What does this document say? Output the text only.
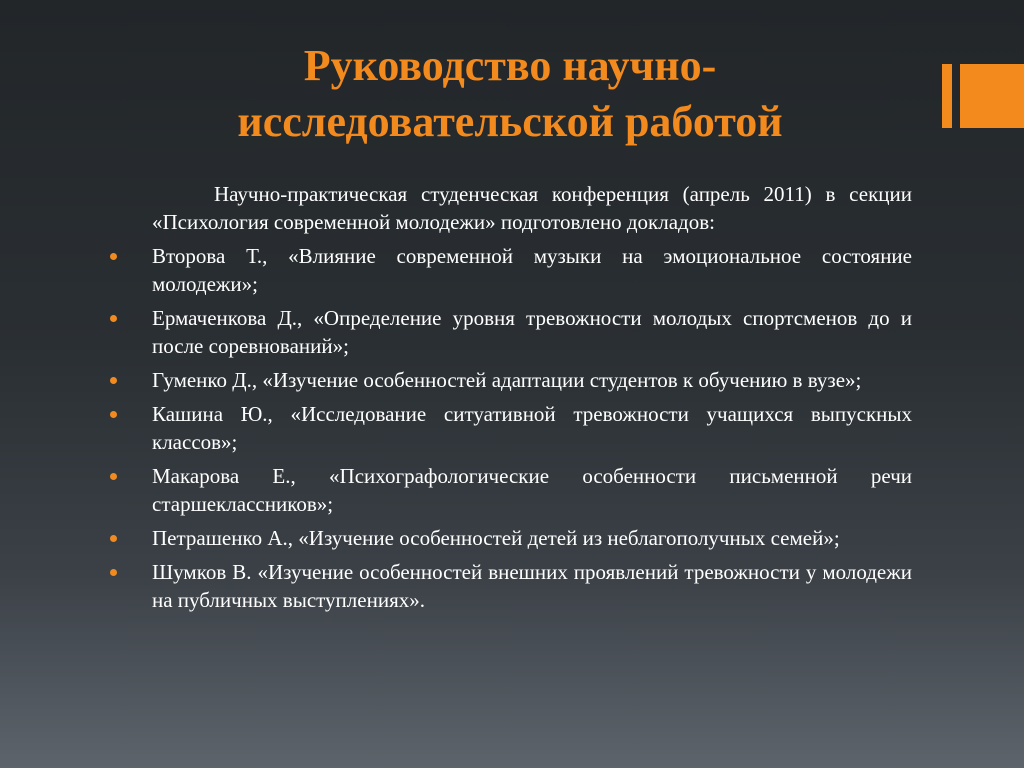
Руководство научно-исследовательской работой

Научно-практическая студенческая конференция (апрель 2011) в секции «Психология современной молодежи» подготовлено докладов:

Второва Т., «Влияние современной музыки на эмоциональное состояние молодежи»;
Ермаченкова Д., «Определение уровня тревожности молодых спортсменов до и после соревнований»;
Гуменко Д., «Изучение особенностей адаптации студентов к обучению в вузе»;
Кашина Ю., «Исследование ситуативной тревожности учащихся выпускных классов»;
Макарова Е., «Психографологические особенности письменной речи старшеклассников»;
Петрашенко А., «Изучение особенностей детей из неблагополучных семей»;
Шумков В. «Изучение особенностей внешних проявлений тревожности у молодежи на публичных выступлениях».
